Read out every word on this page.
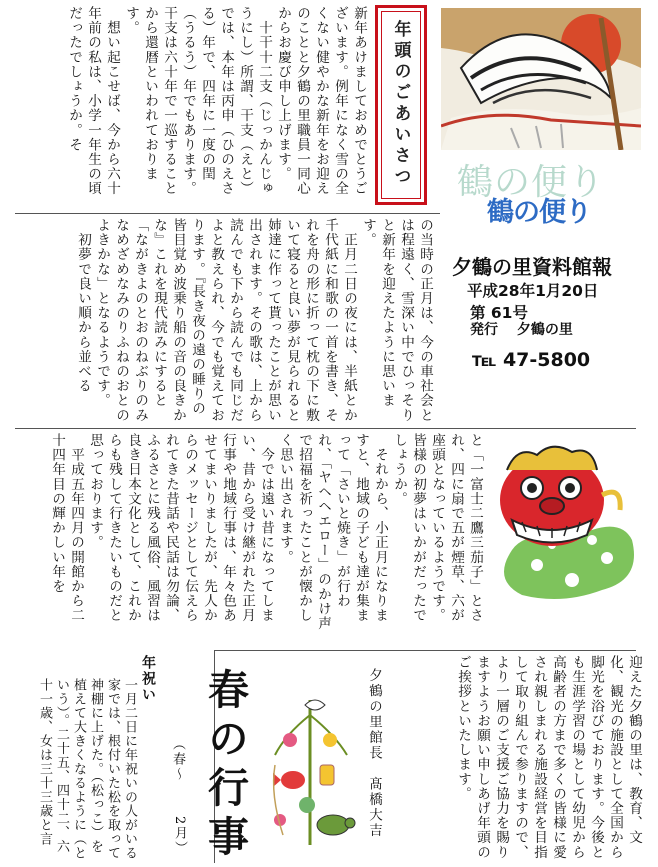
新年あけましておめでとうございます。例年になく雪の全くない健やかな新年をお迎えのことと夕鶴の里職員一同心からお慶び申し上げます。
　十干十二支（じっかんじゅうにし）所謂、干支（えと）では、本年は丙申（ひのえさる）年で、四年に一度の閏（うるう）年でもあります。干支は六十年で一巡することから還暦といわれております。
　想い起こせば、今から六十年前の私は、小学一年生の頃だったでしょうか。そ	年頭のごあいさつ 鶴の便り
鶴の便り
の当時の正月は、今の車社会とは程遠く、雪深い中でひっそりと新年を迎えたように思います。
　正月二日の夜には、半紙とか千代紙に和歌の一首を書き、それを舟の形に折って枕の下に敷いて寝ると良い夢が見られると姉達に作って貰ったことが思い出されます。その歌は、上から読んでも下から読んでも同じだよと教えられ、今でも覚えております。『長き夜の遠の睡りの皆目覚め波乗り船の音の良きかな』これを現代読みにすると「ながきよのとおのねぶりのみなめざめなみのりふねのおとのよきかな」となるようです。
　初夢で良い順から並べる	夕鶴の里資料館報
平成28年1月20日
第 61号
発行　 夕鶴の里
℡ 47-5800
と「一富士二鷹三茄子」とされ、四に扇で五が煙草、六が座頭となっているようです。皆様の初夢はいかがだったでしょうか。
　それから、小正月になりますと、地域の子ども達が集まって「さいと焼き」が行われ、「ヤヘヘエロー」のかけ声で招福を祈ったことが懐かしく思い出されます。
　今では遠い昔になってしまい、昔から受け継がれた正月行事や地域行事は、年々色あせてまいりましたが、先人からのメッセージとして伝えられてきた昔話や民話は勿論、ふるさとに残る風俗、風習は良き日本文化として、これからも残して行きたいものだと思っております。
　平成五年四月の開館から二十四年目の輝かしい年を
迎えた夕鶴の里は、教育、文化、観光の施設として全国から脚光を浴びております。今後とも生涯学習の場として幼児から高齢者の方まで多くの皆様に愛され親しまれる施設経営を目指して取り組んで参りますので、より一層のご支援ご協力を賜りますようお願い申しあげ年頭のご挨拶といたします。
夕鶴の里館長　髙橋大吉
春の行事
（春～
2月）
年祝い
一月二日に年祝いの人がいる家では、根付いた松を取って神棚に上げた。（松っこ）を植えて大きくなるように（という）。二十五、四十二、六十一歳、女は三十三歳と言
